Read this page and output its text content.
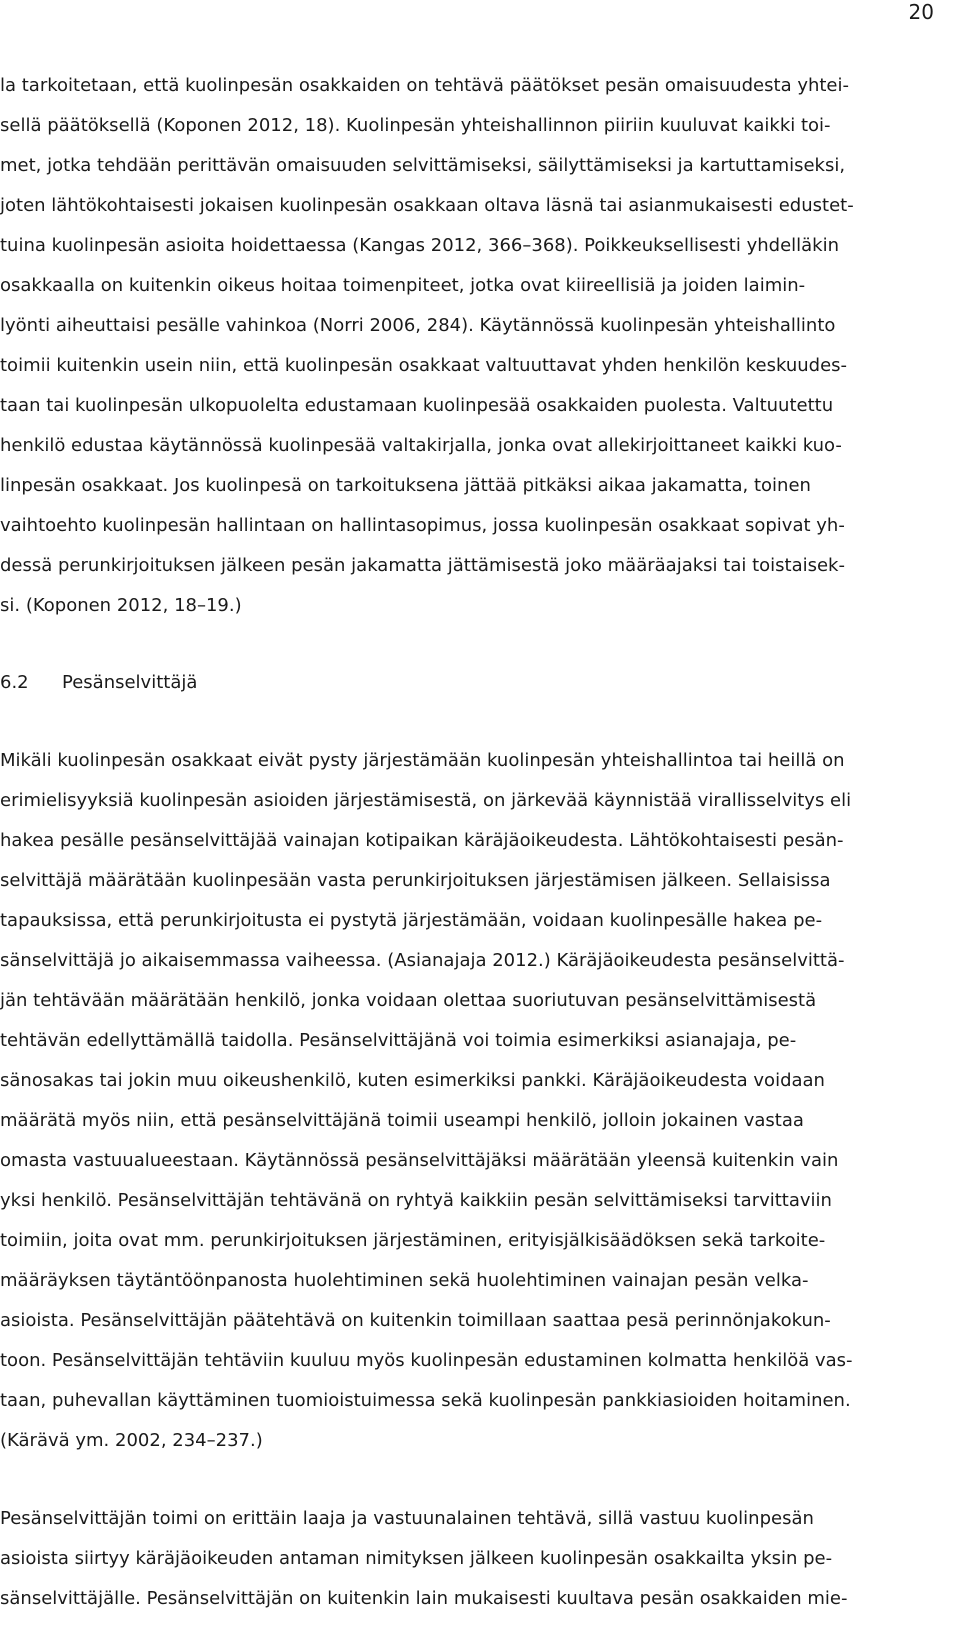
20
la tarkoitetaan, että kuolinpesän osakkaiden on tehtävä päätökset pesän omaisuudesta yhtei-
sellä päätöksellä (Koponen 2012, 18). Kuolinpesän yhteishallinnon piiriin kuuluvat kaikki toi-
met, jotka tehdään perittävän omaisuuden selvittämiseksi, säilyttämiseksi ja kartuttamiseksi,
joten lähtökohtaisesti jokaisen kuolinpesän osakkaan oltava läsnä tai asianmukaisesti edustet-
tuina kuolinpesän asioita hoidettaessa (Kangas 2012, 366–368). Poikkeuksellisesti yhdelläkin
osakkaalla on kuitenkin oikeus hoitaa toimenpiteet, jotka ovat kiireellisiä ja joiden laimin-
lyönti aiheuttaisi pesälle vahinkoa (Norri 2006, 284). Käytännössä kuolinpesän yhteishallinto
toimii kuitenkin usein niin, että kuolinpesän osakkaat valtuuttavat yhden henkilön keskuudes-
taan tai kuolinpesän ulkopuolelta edustamaan kuolinpesää osakkaiden puolesta. Valtuutettu
henkilö edustaa käytännössä kuolinpesää valtakirjalla, jonka ovat allekirjoittaneet kaikki kuo-
linpesän osakkaat. Jos kuolinpesä on tarkoituksena jättää pitkäksi aikaa jakamatta, toinen
vaihtoehto kuolinpesän hallintaan on hallintasopimus, jossa kuolinpesän osakkaat sopivat yh-
dessä perunkirjoituksen jälkeen pesän jakamatta jättämisestä joko määräajaksi tai toistaisek-
si. (Koponen 2012, 18–19.)
6.2 Pesänselvittäjä
Mikäli kuolinpesän osakkaat eivät pysty järjestämään kuolinpesän yhteishallintoa tai heillä on
erimielisyyksiä kuolinpesän asioiden järjestämisestä, on järkevää käynnistää virallisselvitys eli
hakea pesälle pesänselvittäjää vainajan kotipaikan käräjäoikeudesta. Lähtökohtaisesti pesän-
selvittäjä määrätään kuolinpesään vasta perunkirjoituksen järjestämisen jälkeen. Sellaisissa
tapauksissa, että perunkirjoitusta ei pystytä järjestämään, voidaan kuolinpesälle hakea pe-
sänselvittäjä jo aikaisemmassa vaiheessa. (Asianajaja 2012.) Käräjäoikeudesta pesänselvittä-
jän tehtävään määrätään henkilö, jonka voidaan olettaa suoriutuvan pesänselvittämisestä
tehtävän edellyttämällä taidolla. Pesänselvittäjänä voi toimia esimerkiksi asianajaja, pe-
sänosakas tai jokin muu oikeushenkilö, kuten esimerkiksi pankki. Käräjäoikeudesta voidaan
määrätä myös niin, että pesänselvittäjänä toimii useampi henkilö, jolloin jokainen vastaa
omasta vastuualueestaan. Käytännössä pesänselvittäjäksi määrätään yleensä kuitenkin vain
yksi henkilö. Pesänselvittäjän tehtävänä on ryhtyä kaikkiin pesän selvittämiseksi tarvittaviin
toimiin, joita ovat mm. perunkirjoituksen järjestäminen, erityisjälkisäädöksen sekä tarkoite-
määräyksen täytäntöönpanosta huolehtiminen sekä huolehtiminen vainajan pesän velka-
asioista. Pesänselvittäjän päätehtävä on kuitenkin toimillaan saattaa pesä perinnönjakokun-
toon. Pesänselvittäjän tehtäviin kuuluu myös kuolinpesän edustaminen kolmatta henkilöä vas-
taan, puhevallan käyttäminen tuomioistuimessa sekä kuolinpesän pankkiasioiden hoitaminen.
(Kärävä ym. 2002, 234–237.)
Pesänselvittäjän toimi on erittäin laaja ja vastuunalainen tehtävä, sillä vastuu kuolinpesän
asioista siirtyy käräjäoikeuden antaman nimityksen jälkeen kuolinpesän osakkailta yksin pe-
sänselvittäjälle. Pesänselvittäjän on kuitenkin lain mukaisesti kuultava pesän osakkaiden mie-
